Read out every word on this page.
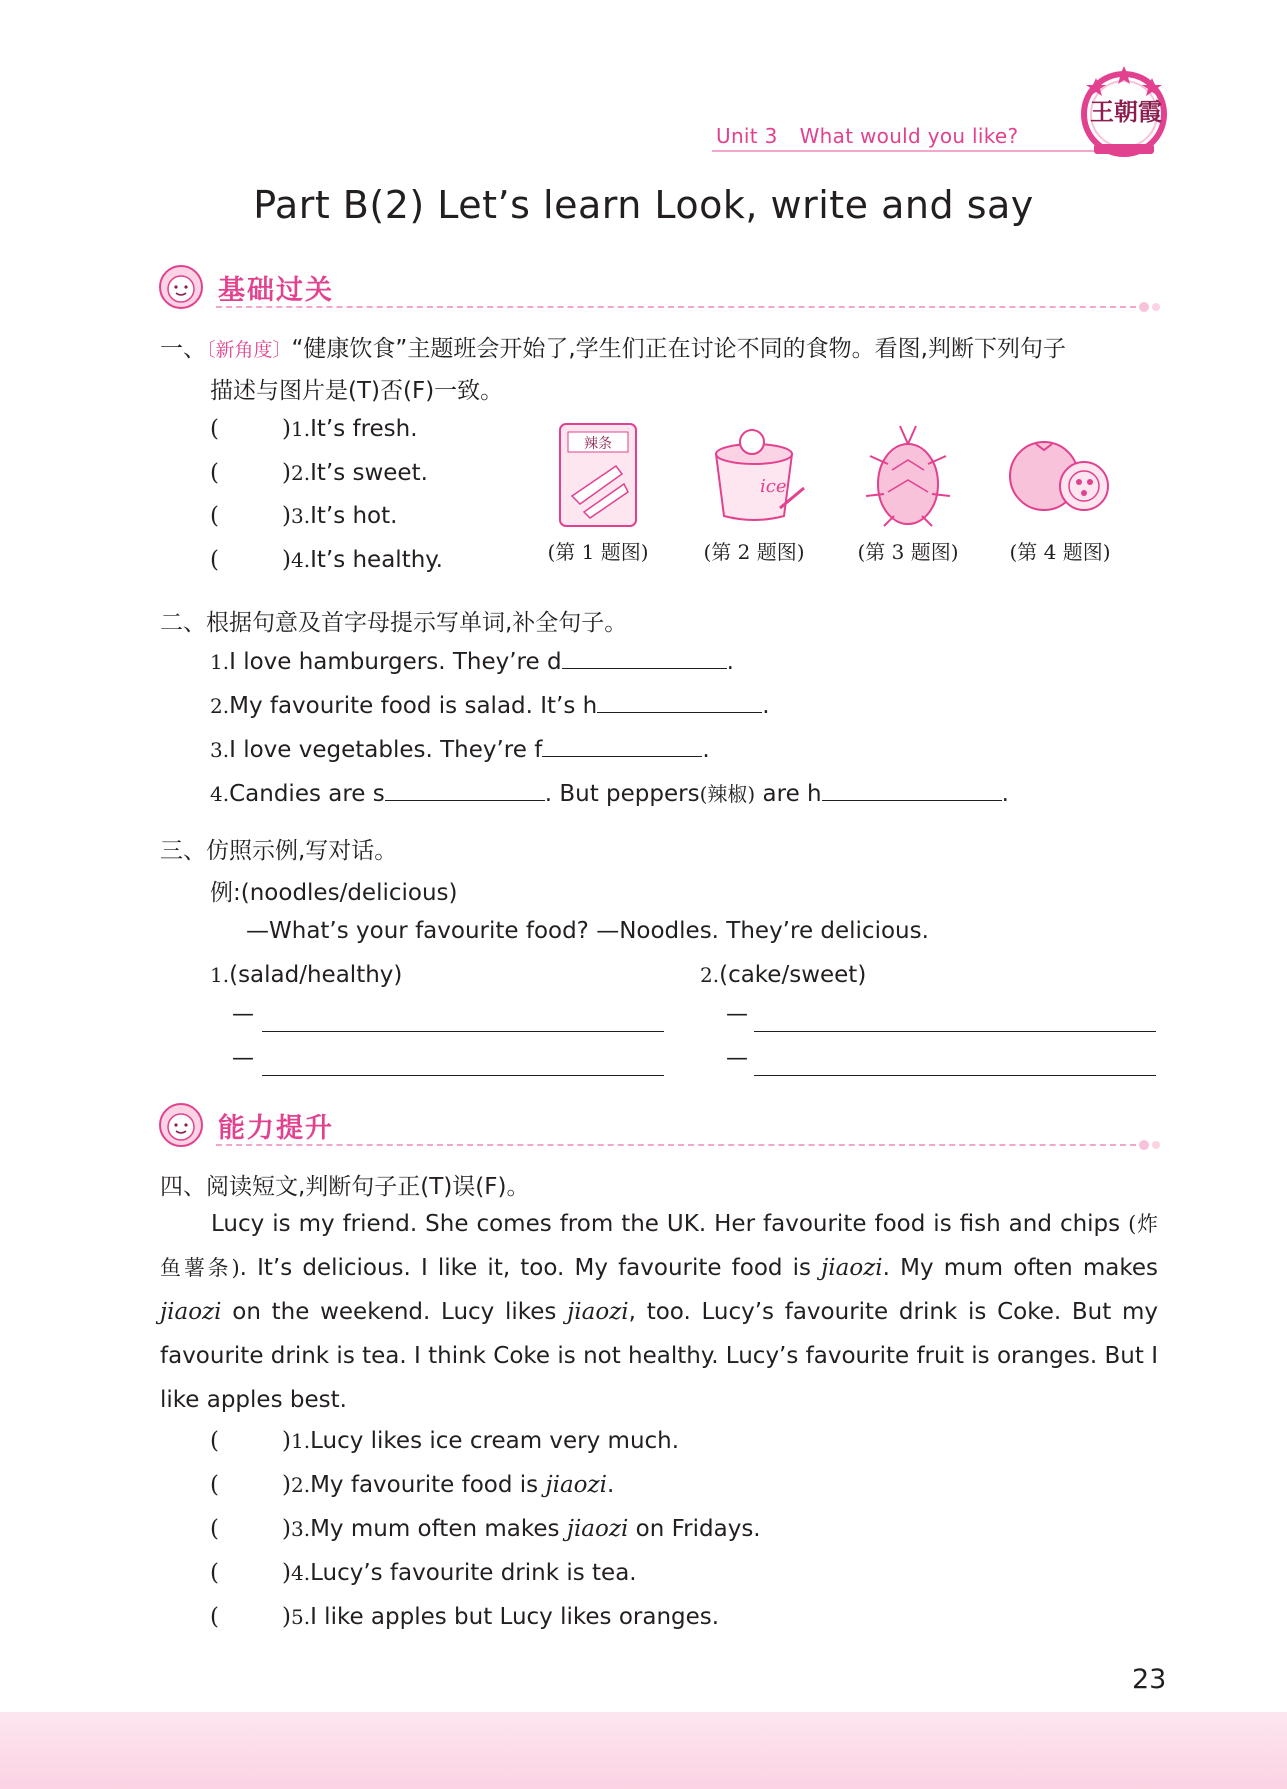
Unit 3 What would you like?
王朝霞
Part B(2) Let’s learn Look, write and say
基础过关
一、〔新角度〕“健康饮食”主题班会开始了,学生们正在讨论不同的食物。看图,判断下列句子
描述与图片是(T)否(F)一致。
(	)1.It’s fresh.
(	)2.It’s sweet.
(	)3.It’s hot.
(	)4.It’s healthy.
辣条
ice
(第 1 题图)	(第 2 题图)	(第 3 题图)	(第 4 题图)
二、根据句意及首字母提示写单词,补全句子。
1.I love hamburgers. They’re d	.
2.My favourite food is salad. It’s h	.
3.I love vegetables. They’re f	.
4.Candies are s	. But peppers(辣椒) are h	.
三、仿照示例,写对话。
例:(noodles/delicious)
—What’s your favourite food? —Noodles. They’re delicious.
1.(salad/healthy)	2.(cake/sweet)
—
—
—
—
能力提升
四、阅读短文,判断句子正(T)误(F)。
Lucy is my friend. She comes from the UK. Her favourite food is fish and chips (炸鱼薯条). It’s delicious. I like it, too. My favourite food is jiaozi. My mum often makes jiaozi on the weekend. Lucy likes jiaozi, too. Lucy’s favourite drink is Coke. But my favourite drink is tea. I think Coke is not healthy. Lucy’s favourite fruit is oranges. But I like apples best.
(	)1.Lucy likes ice cream very much.
(	)2.My favourite food is jiaozi.
(	)3.My mum often makes jiaozi on Fridays.
(	)4.Lucy’s favourite drink is tea.
(	)5.I like apples but Lucy likes oranges.
23
